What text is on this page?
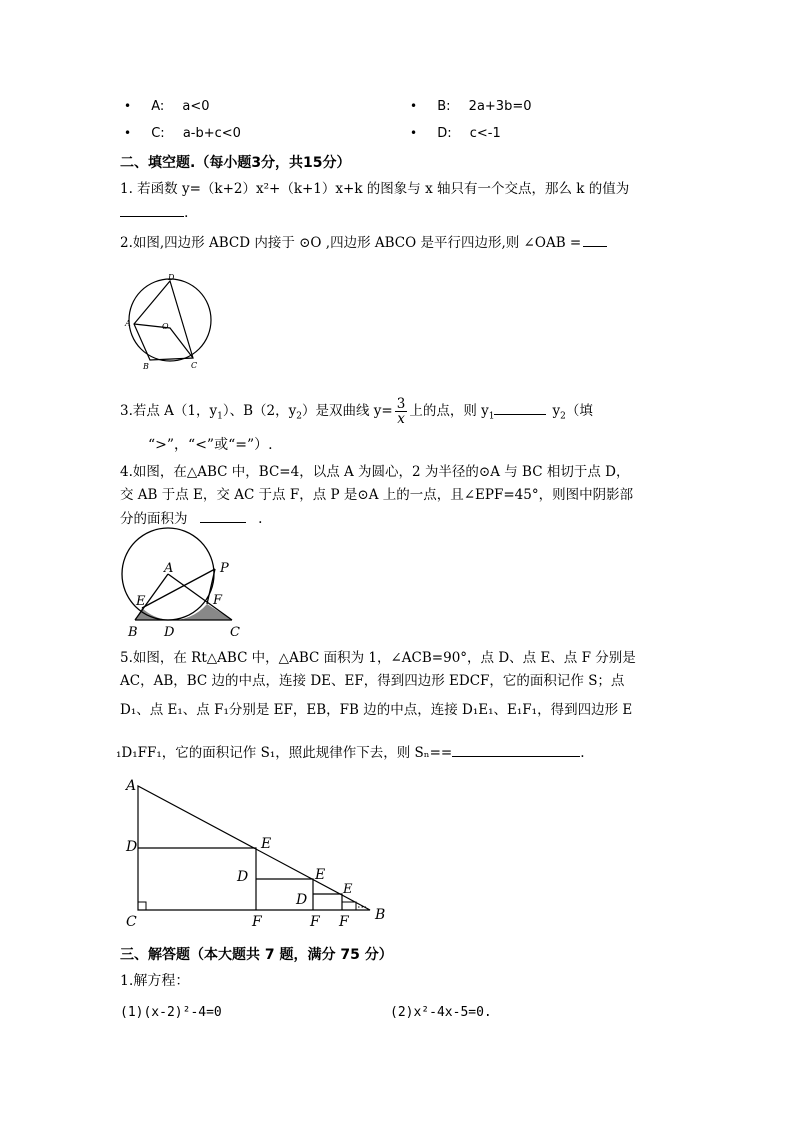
• A: a<0	• B: 2a+3b=0
• C: a-b+c<0	• D: c<-1
二、填空题.（每小题3分，共15分）
1. 若函数 y=（k+2）x²+（k+1）x+k 的图象与 x 轴只有一个交点，那么 k 的值为
.
2.如图,四边形 ABCD 内接于 ⊙O ,四边形 ABCO 是平行四边形,则 ∠OAB =
A
D
O
B	C
3.若点 A（1，$y_1$）、B（2，$y_2$）是双曲线 $y= \frac{3}{x}$ 上的点，则 $y_1$	$y_2$（填
“>”，“<”或“=”）.
4.如图，在△ABC 中，BC=4，以点 A 为圆心，2 为半径的⊙A 与 BC 相切于点 D，
交 AB 于点 E，交 AC 于点 F，点 P 是⊙A 上的一点，且∠EPF=45°，则图中阴影部
分的面积为	.
A	P
E	F
B D	C
5.如图，在 Rt△ABC 中，△ABC 面积为 1，∠ACB=90°，点 D、点 E、点 F 分别是
AC，AB，BC 边的中点，连接 DE、EF，得到四边形 EDCF，它的面积记作 S；点
D₁、点 E₁、点 F₁分别是 EF，EB，FB 边的中点，连接 D₁E₁、E₁F₁，得到四边形 E
₁D₁FF₁，它的面积记作 S₁，照此规律作下去，则 Sₙ==	.
A
D	E
D	E
D
E
C	F	F F B
三、解答题（本大题共 7 题，满分 75 分）
1.解方程：
(1)(x-2)²-4=0	(2)x²-4x-5=0.
